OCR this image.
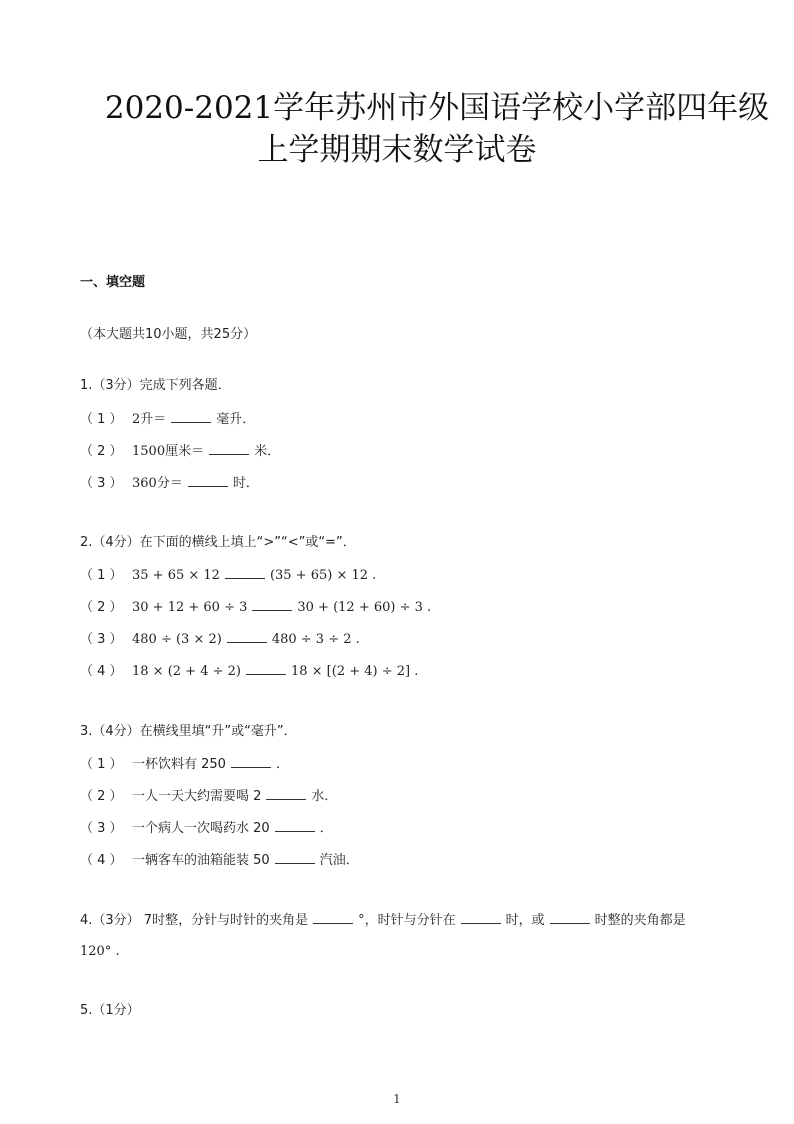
2020-2021学年苏州市外国语学校小学部四年级
上学期期末数学试卷
一、填空题
（本大题共10小题，共25分）
1.（3分）完成下列各题．
（ 1 ） 2升＝	毫升．
（ 2 ） 1500厘米＝	米．
（ 3 ） 360分＝	时．
2.（4分）在下面的横线上填上“>”“<”或“=”．
（ 1 ） 35 + 65 × 12	(35 + 65) × 12 .
（ 2 ） 30 + 12 + 60 ÷ 3	30 + (12 + 60) ÷ 3 .
（ 3 ） 480 ÷ (3 × 2)	480 ÷ 3 ÷ 2 .
（ 4 ） 18 × (2 + 4 ÷ 2)	18 × [(2 + 4) ÷ 2] .
3.（4分）在横线里填“升”或“毫升”．
（ 1 ） 一杯饮料有 250	．
（ 2 ） 一人一天大约需要喝 2	水．
（ 3 ） 一个病人一次喝药水 20	．
（ 4 ） 一辆客车的油箱能装 50	汽油．
4.（3分） 7时整，分针与时针的夹角是	°，时针与分针在	时，或	时整的夹角都是
120° .
5.（1分）
1
